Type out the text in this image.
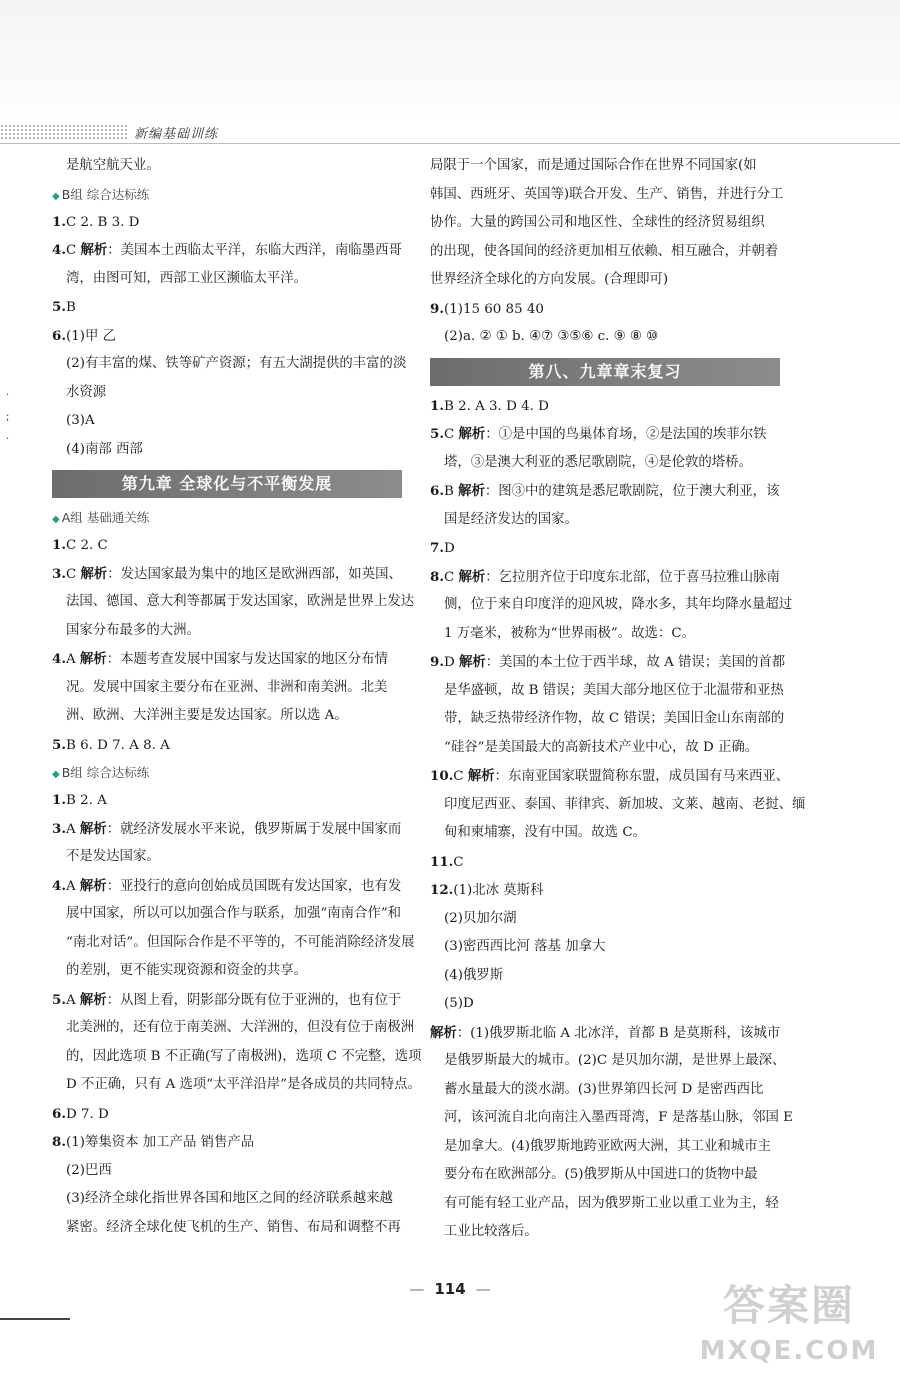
新编基础训练
·
;
·
是航空航天业。
◆ B组 综合达标练
1.C 2. B 3. D
4.C 解析：美国本土西临太平洋，东临大西洋，南临墨西哥
湾，由图可知，西部工业区濒临太平洋。
5.B
6.(1)甲 乙
(2)有丰富的煤、铁等矿产资源；有五大湖提供的丰富的淡
水资源
(3)A
(4)南部 西部
第九章 全球化与不平衡发展
◆ A组 基础通关练
1.C 2. C
3.C 解析：发达国家最为集中的地区是欧洲西部，如英国、
法国、德国、意大利等都属于发达国家，欧洲是世界上发达
国家分布最多的大洲。
4.A 解析：本题考查发展中国家与发达国家的地区分布情
况。发展中国家主要分布在亚洲、非洲和南美洲。北美
洲、欧洲、大洋洲主要是发达国家。所以选 A。
5.B 6. D 7. A 8. A
◆ B组 综合达标练
1.B 2. A
3.A 解析：就经济发展水平来说，俄罗斯属于发展中国家而
不是发达国家。
4.A 解析：亚投行的意向创始成员国既有发达国家，也有发
展中国家，所以可以加强合作与联系，加强“南南合作”和
“南北对话”。但国际合作是不平等的，不可能消除经济发展
的差别，更不能实现资源和资金的共享。
5.A 解析：从图上看，阴影部分既有位于亚洲的，也有位于
北美洲的，还有位于南美洲、大洋洲的，但没有位于南极洲
的，因此选项 B 不正确(写了南极洲)，选项 C 不完整，选项
D 不正确，只有 A 选项“太平洋沿岸”是各成员的共同特点。
6.D 7. D
8.(1)筹集资本 加工产品 销售产品
(2)巴西
(3)经济全球化指世界各国和地区之间的经济联系越来越
紧密。经济全球化使飞机的生产、销售、布局和调整不再
局限于一个国家，而是通过国际合作在世界不同国家(如
韩国、西班牙、英国等)联合开发、生产、销售，并进行分工
协作。大量的跨国公司和地区性、全球性的经济贸易组织
的出现，使各国间的经济更加相互依赖、相互融合，并朝着
世界经济全球化的方向发展。(合理即可)
9.(1)15 60 85 40
(2)a. ② ① b. ④⑦ ③⑤⑥ c. ⑨ ⑧ ⑩
第八、九章章末复习
1.B 2. A 3. D 4. D
5.C 解析：①是中国的鸟巢体育场，②是法国的埃菲尔铁
塔，③是澳大利亚的悉尼歌剧院，④是伦敦的塔桥。
6.B 解析：图③中的建筑是悉尼歌剧院，位于澳大利亚，该
国是经济发达的国家。
7.D
8.C 解析：乞拉朋齐位于印度东北部，位于喜马拉雅山脉南
侧，位于来自印度洋的迎风坡，降水多，其年均降水量超过
1 万毫米，被称为“世界雨极”。故选：C。
9.D 解析：美国的本土位于西半球，故 A 错误；美国的首都
是华盛顿，故 B 错误；美国大部分地区位于北温带和亚热
带，缺乏热带经济作物，故 C 错误；美国旧金山东南部的
“硅谷”是美国最大的高新技术产业中心，故 D 正确。
10.C 解析：东南亚国家联盟简称东盟，成员国有马来西亚、
印度尼西亚、泰国、菲律宾、新加坡、文莱、越南、老挝、缅
甸和柬埔寨，没有中国。故选 C。
11.C
12.(1)北冰 莫斯科
(2)贝加尔湖
(3)密西西比河 落基 加拿大
(4)俄罗斯
(5)D
解析：(1)俄罗斯北临 A 北冰洋，首都 B 是莫斯科，该城市
是俄罗斯最大的城市。(2)C 是贝加尔湖，是世界上最深、
蓄水量最大的淡水湖。(3)世界第四长河 D 是密西西比
河，该河流自北向南注入墨西哥湾，F 是落基山脉，邻国 E
是加拿大。(4)俄罗斯地跨亚欧两大洲，其工业和城市主
要分布在欧洲部分。(5)俄罗斯从中国进口的货物中最
有可能有轻工业产品，因为俄罗斯工业以重工业为主，轻
工业比较落后。
— 114 —	答案圈
MXQE.COM
